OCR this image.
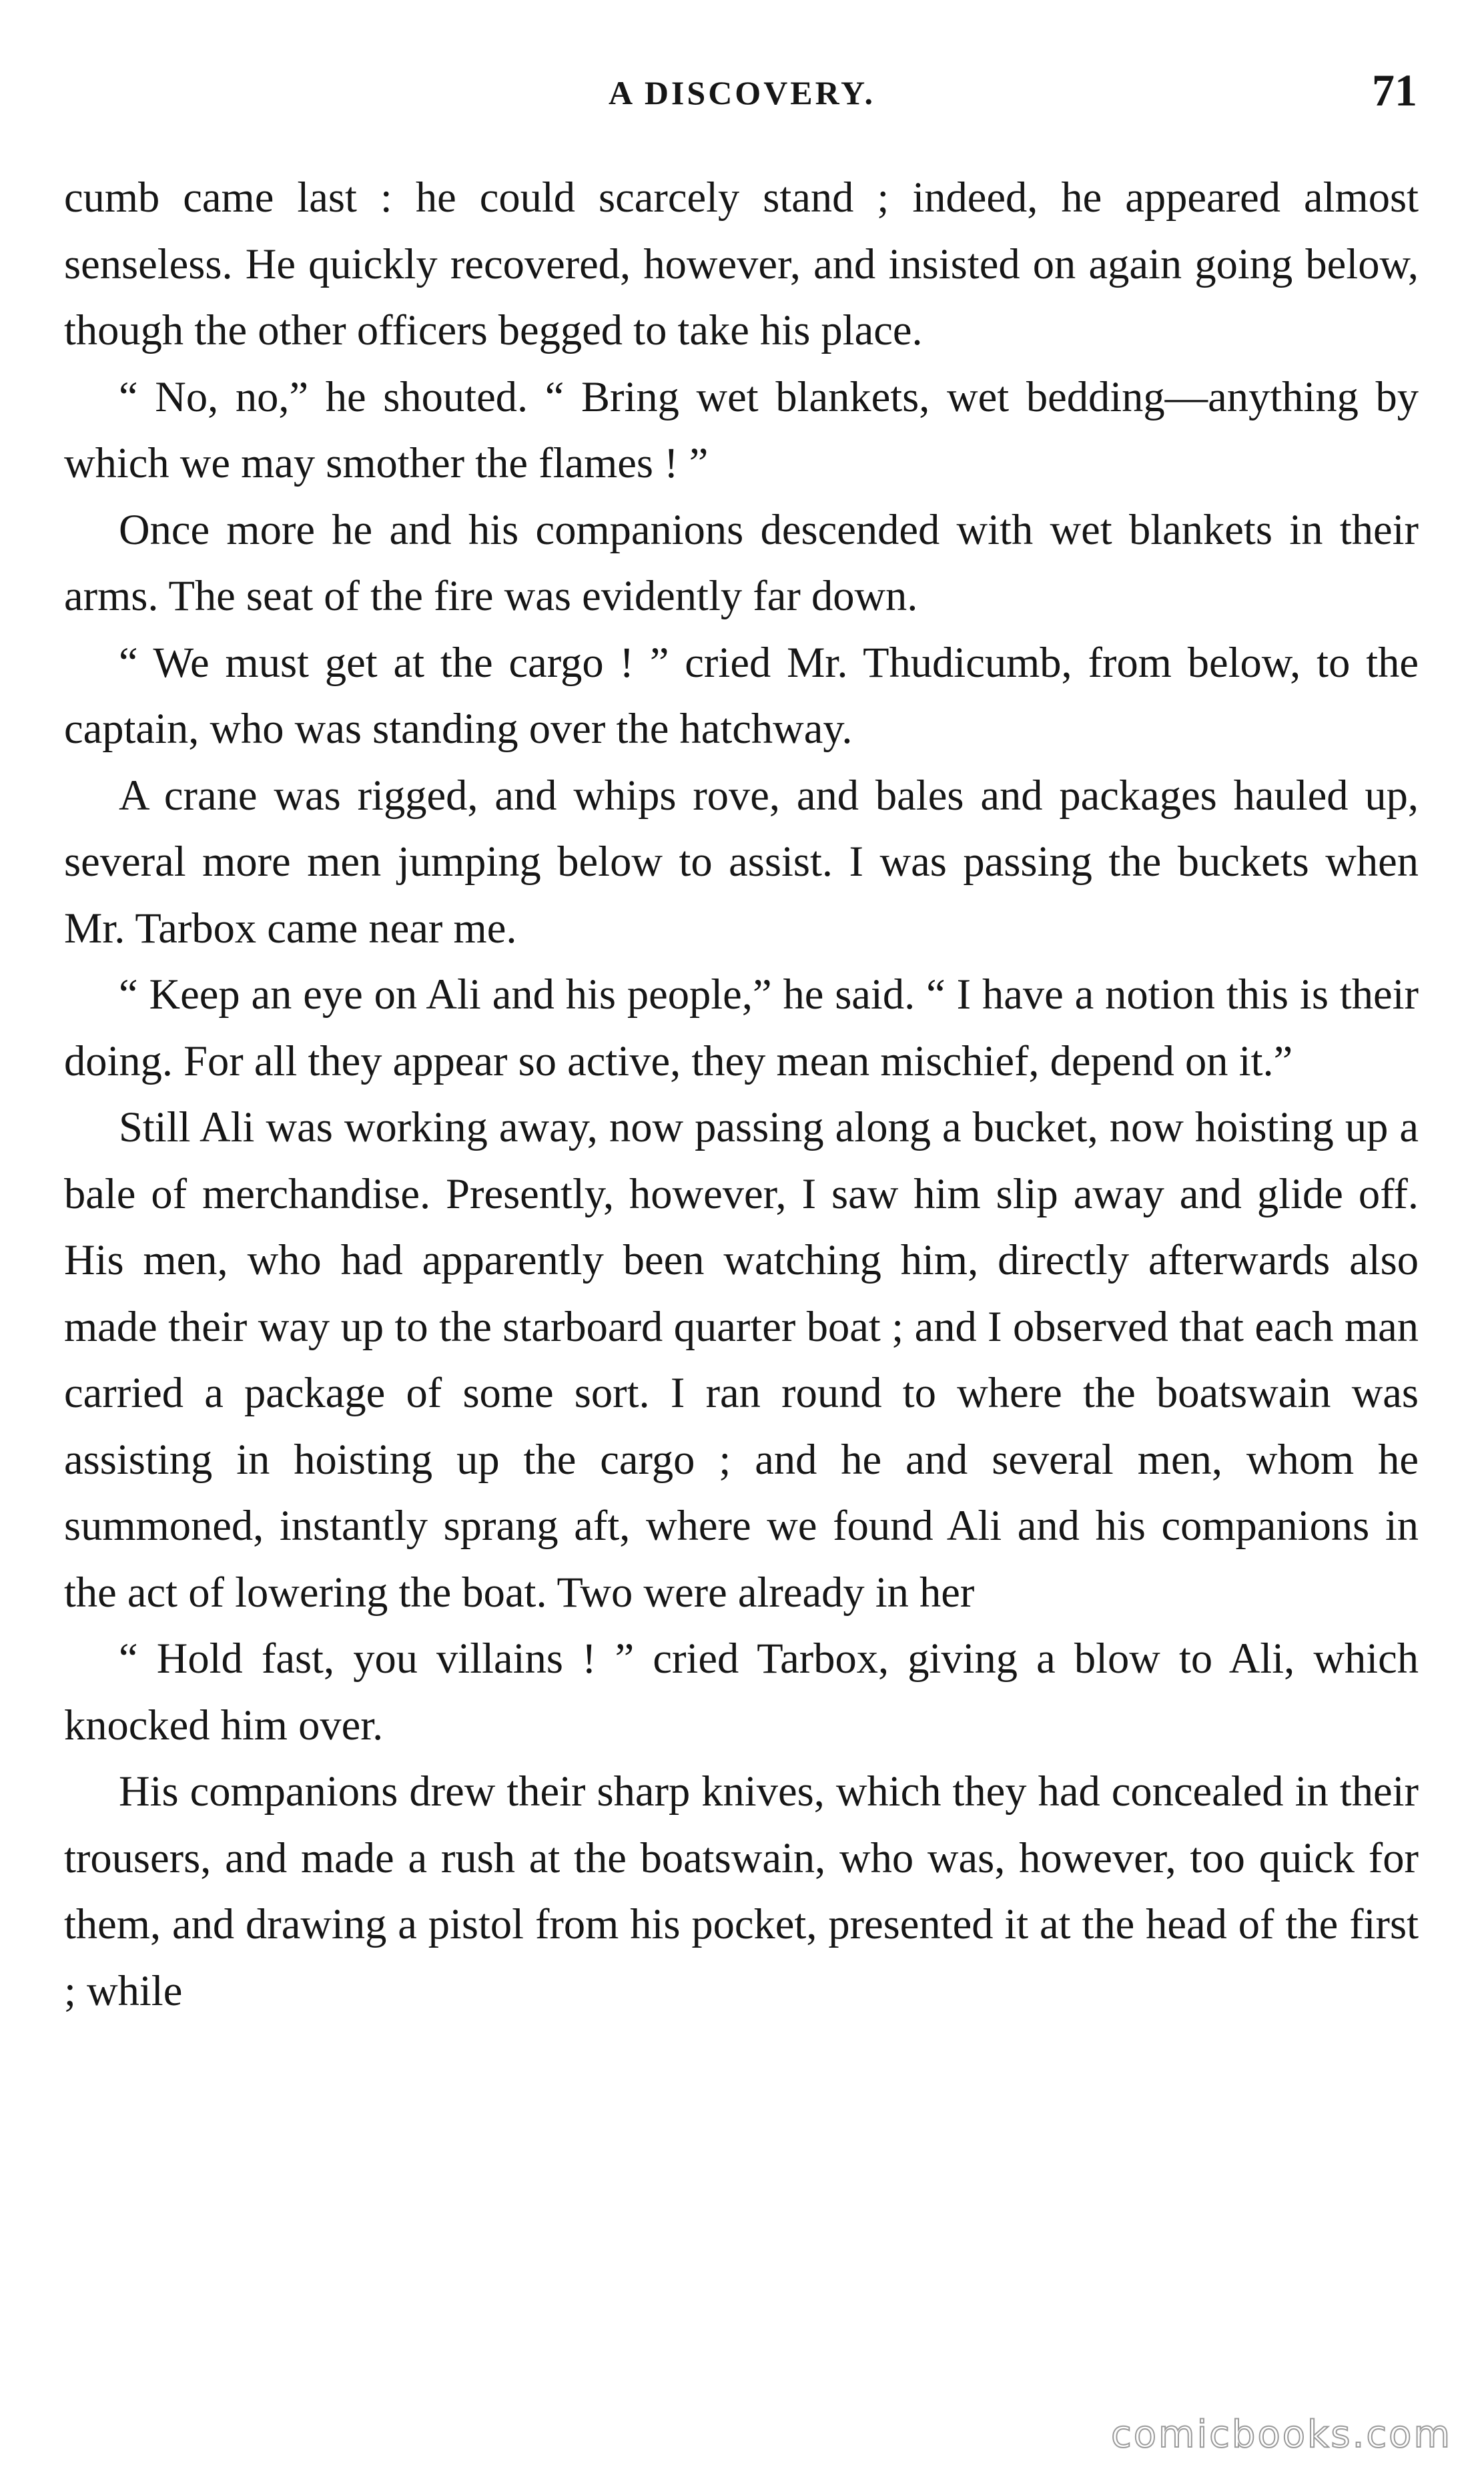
A DISCOVERY.	71

cumb came last : he could scarcely stand ; indeed, he appeared almost senseless. He quickly recovered, however, and insisted on again going below, though the other officers begged to take his place.

“ No, no,” he shouted. “ Bring wet blankets, wet bedding—anything by which we may smother the flames ! ”

Once more he and his companions descended with wet blankets in their arms. The seat of the fire was evidently far down.

“ We must get at the cargo ! ” cried Mr. Thudicumb, from below, to the captain, who was standing over the hatchway.

A crane was rigged, and whips rove, and bales and packages hauled up, several more men jumping below to assist. I was passing the buckets when Mr. Tarbox came near me.

“ Keep an eye on Ali and his people,” he said. “ I have a notion this is their doing. For all they appear so active, they mean mischief, depend on it.”

Still Ali was working away, now passing along a bucket, now hoisting up a bale of merchandise. Presently, however, I saw him slip away and glide off. His men, who had apparently been watching him, directly afterwards also made their way up to the starboard quarter boat ; and I observed that each man carried a package of some sort. I ran round to where the boatswain was assisting in hoisting up the cargo ; and he and several men, whom he summoned, instantly sprang aft, where we found Ali and his companions in the act of lowering the boat. Two were already in her

“ Hold fast, you villains ! ” cried Tarbox, giving a blow to Ali, which knocked him over.

His companions drew their sharp knives, which they had concealed in their trousers, and made a rush at the boatswain, who was, however, too quick for them, and drawing a pistol from his pocket, presented it at the head of the first ; while

comicbooks.com
